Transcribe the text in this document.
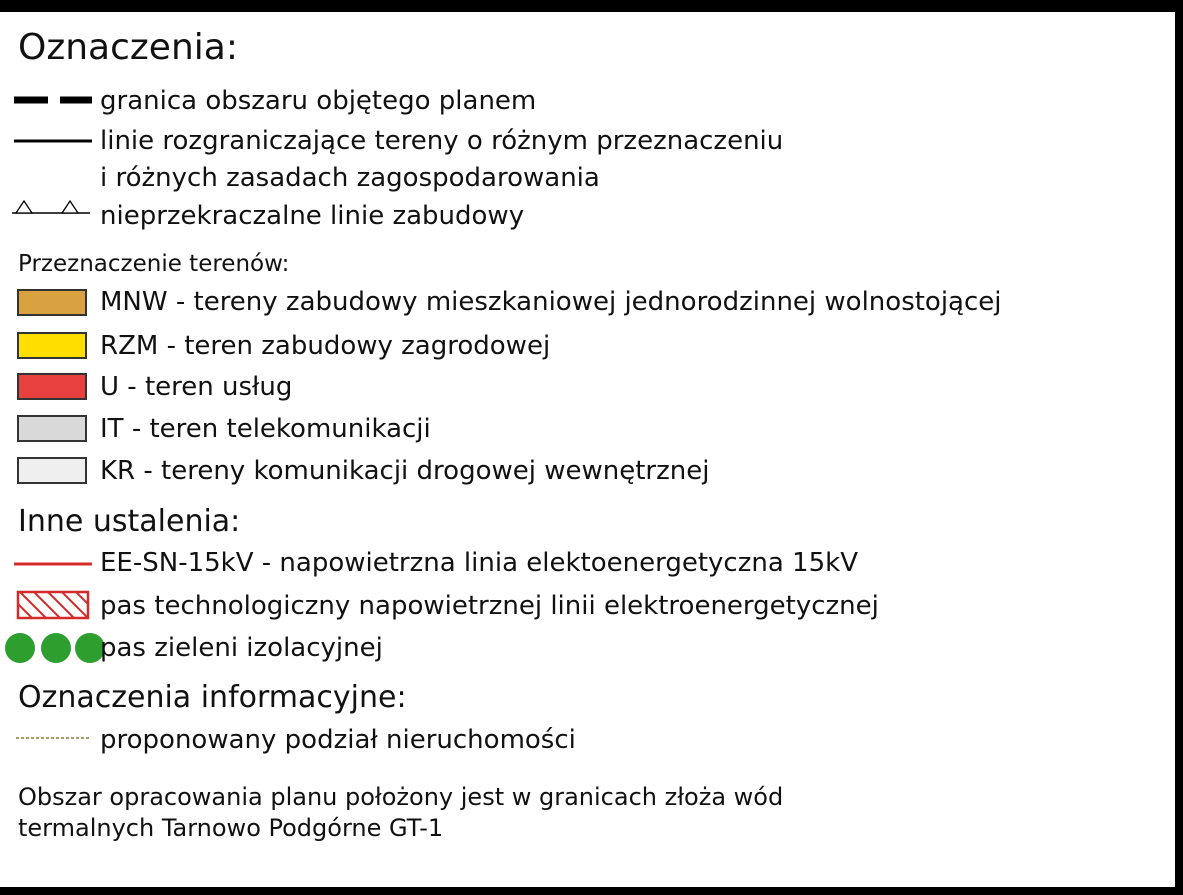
Oznaczenia:
granica obszaru objętego planem
linie rozgraniczające tereny o różnym przeznaczeniu
i różnych zasadach zagospodarowania
nieprzekraczalne linie zabudowy
Przeznaczenie terenów:
MNW - tereny zabudowy mieszkaniowej jednorodzinnej wolnostojącej
RZM - teren zabudowy zagrodowej
U - teren usług
IT - teren telekomunikacji
KR - tereny komunikacji drogowej wewnętrznej
Inne ustalenia:
EE-SN-15kV - napowietrzna linia elektoenergetyczna 15kV
pas technologiczny napowietrznej linii elektroenergetycznej
pas zieleni izolacyjnej
Oznaczenia informacyjne:
proponowany podział nieruchomości
Obszar opracowania planu położony jest w granicach złoża wód
termalnych Tarnowo Podgórne GT-1
